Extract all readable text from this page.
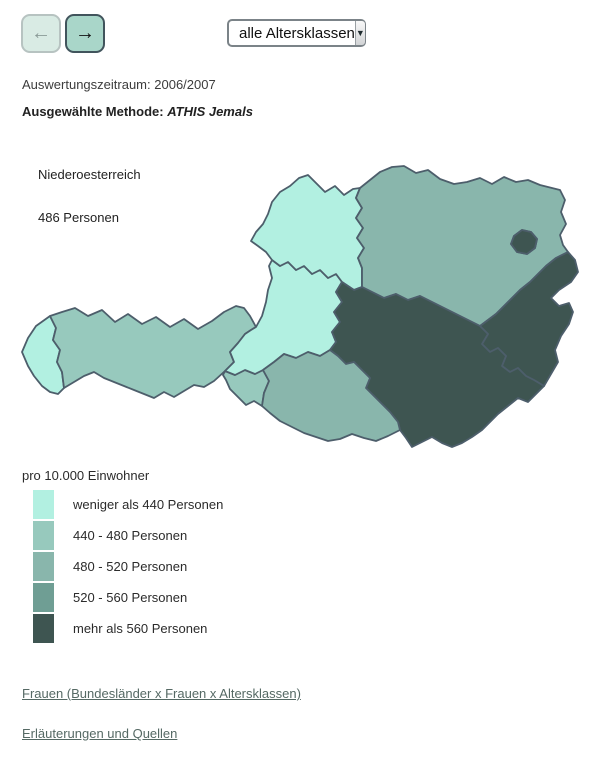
← →	alle Altersklassen ▼
Auswertungszeitraum: 2006/2007
Ausgewählte Methode: ATHIS Jemals
Niederoesterreich
486 Personen
pro 10.000 Einwohner
weniger als 440 Personen
440 - 480 Personen
480 - 520 Personen
520 - 560 Personen
mehr als 560 Personen
Frauen (Bundesländer x Frauen x Altersklassen)
Erläuterungen und Quellen
